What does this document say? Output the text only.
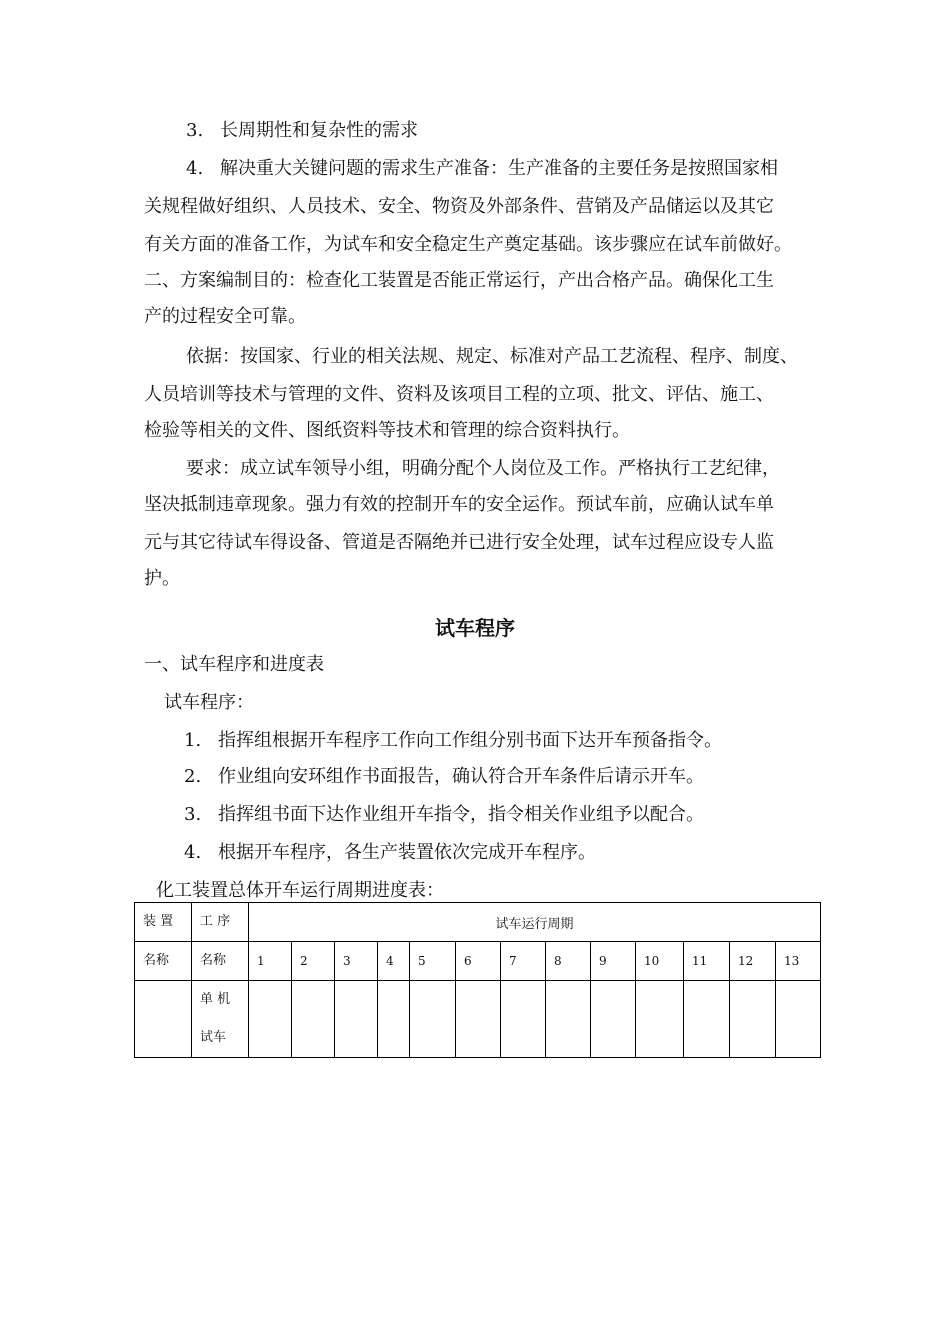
3. 长周期性和复杂性的需求
4. 解决重大关键问题的需求生产准备：生产准备的主要任务是按照国家相
关规程做好组织、人员技术、安全、物资及外部条件、营销及产品储运以及其它
有关方面的准备工作，为试车和安全稳定生产奠定基础。该步骤应在试车前做好。
二、方案编制目的：检查化工装置是否能正常运行，产出合格产品。确保化工生
产的过程安全可靠。
依据：按国家、行业的相关法规、规定、标准对产品工艺流程、程序、制度、
人员培训等技术与管理的文件、资料及该项目工程的立项、批文、评估、施工、
检验等相关的文件、图纸资料等技术和管理的综合资料执行。
要求：成立试车领导小组，明确分配个人岗位及工作。严格执行工艺纪律，
坚决抵制违章现象。强力有效的控制开车的安全运作。预试车前，应确认试车单
元与其它待试车得设备、管道是否隔绝并已进行安全处理，试车过程应设专人监
护。
试车程序
一、试车程序和进度表
试车程序：
1. 指挥组根据开车程序工作向工作组分别书面下达开车预备指令。
2. 作业组向安环组作书面报告，确认符合开车条件后请示开车。
3. 指挥组书面下达作业组开车指令，指令相关作业组予以配合。
4. 根据开车程序，各生产装置依次完成开车程序。
化工装置总体开车运行周期进度表：
装 置	工 序	试车运行周期												
名称	名称	1	2	3	4	5	6	7	8	9	10	11	12	13

	单 机
试车													
